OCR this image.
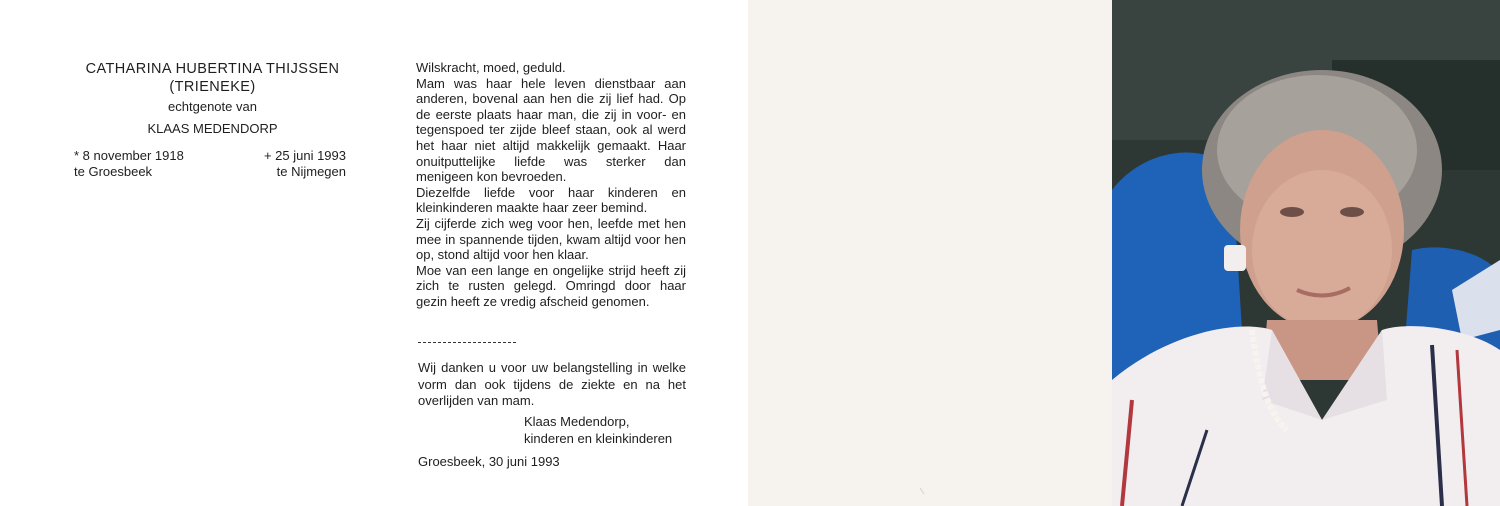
CATHARINA HUBERTINA THIJSSEN
(TRIENEKE)
echtgenote van
KLAAS MEDENDORP
* 8 november 1918
te Groesbeek
+ 25 juni 1993
te Nijmegen

Wilskracht, moed, geduld.

Mam was haar hele leven dienstbaar aan anderen, bovenal aan hen die zij lief had. Op de eerste plaats haar man, die zij in voor- en tegenspoed ter zijde bleef staan, ook al werd het haar niet altijd makkelijk gemaakt. Haar onuitputtelijke liefde was sterker dan menigeen kon bevroeden.

Diezelfde liefde voor haar kinderen en kleinkinderen maakte haar zeer bemind.

Zij cijferde zich weg voor hen, leefde met hen mee in spannende tijden, kwam altijd voor hen op, stond altijd voor hen klaar.

Moe van een lange en ongelijke strijd heeft zij zich te rusten gelegd. Omringd door haar gezin heeft ze vredig afscheid genomen.

Wij danken u voor uw belangstelling in welke vorm dan ook tijdens de ziekte en na het overlijden van mam.
Klaas Medendorp,
kinderen en kleinkinderen
Groesbeek, 30 juni 1993
